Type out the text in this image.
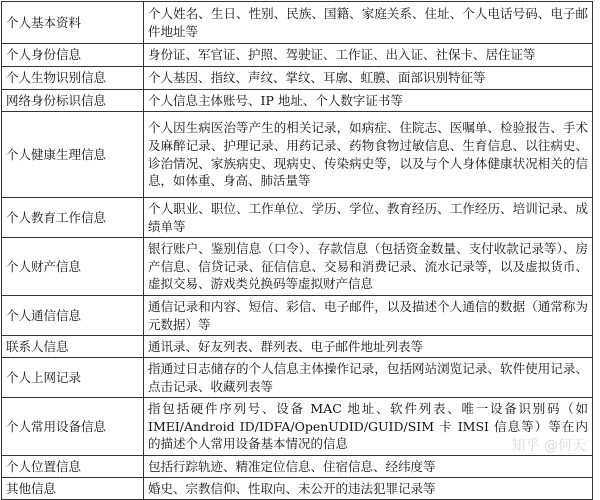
个人基本资料	个人姓名、生日、性别、民族、国籍、家庭关系、住址、个人电话号码、电子邮件地址等
个人身份信息	身份证、军官证、护照、驾驶证、工作证、出入证、社保卡、居住证等
个人生物识别信息	个人基因、指纹、声纹、掌纹、耳廓、虹膜、面部识别特征等
网络身份标识信息	个人信息主体账号、IP 地址、个人数字证书等
个人健康生理信息	个人因生病医治等产生的相关记录，如病症、住院志、医嘱单、检验报告、手术及麻醉记录、护理记录、用药记录、药物食物过敏信息、生育信息、以往病史、诊治情况、家族病史、现病史、传染病史等，以及与个人身体健康状况相关的信息，如体重、身高、肺活量等
个人教育工作信息	个人职业、职位、工作单位、学历、学位、教育经历、工作经历、培训记录、成绩单等
个人财产信息	银行账户、鉴别信息（口令）、存款信息（包括资金数量、支付收款记录等）、房产信息、信贷记录、征信信息、交易和消费记录、流水记录等，以及虚拟货币、虚拟交易、游戏类兑换码等虚拟财产信息
个人通信信息	通信记录和内容、短信、彩信、电子邮件，以及描述个人通信的数据（通常称为元数据）等
联系人信息	通讯录、好友列表、群列表、电子邮件地址列表等
个人上网记录	指通过日志储存的个人信息主体操作记录，包括网站浏览记录、软件使用记录、点击记录、收藏列表等
个人常用设备信息	指包括硬件序列号、设备 MAC 地址、软件列表、唯一设备识别码（如IMEI/Android ID/IDFA/OpenUDID/GUID/SIM 卡 IMSI 信息等）等在内的描述个人常用设备基本情况的信息
个人位置信息	包括行踪轨迹、精准定位信息、住宿信息、经纬度等
其他信息	婚史、宗教信仰、性取向、未公开的违法犯罪记录等
知乎 @何天
